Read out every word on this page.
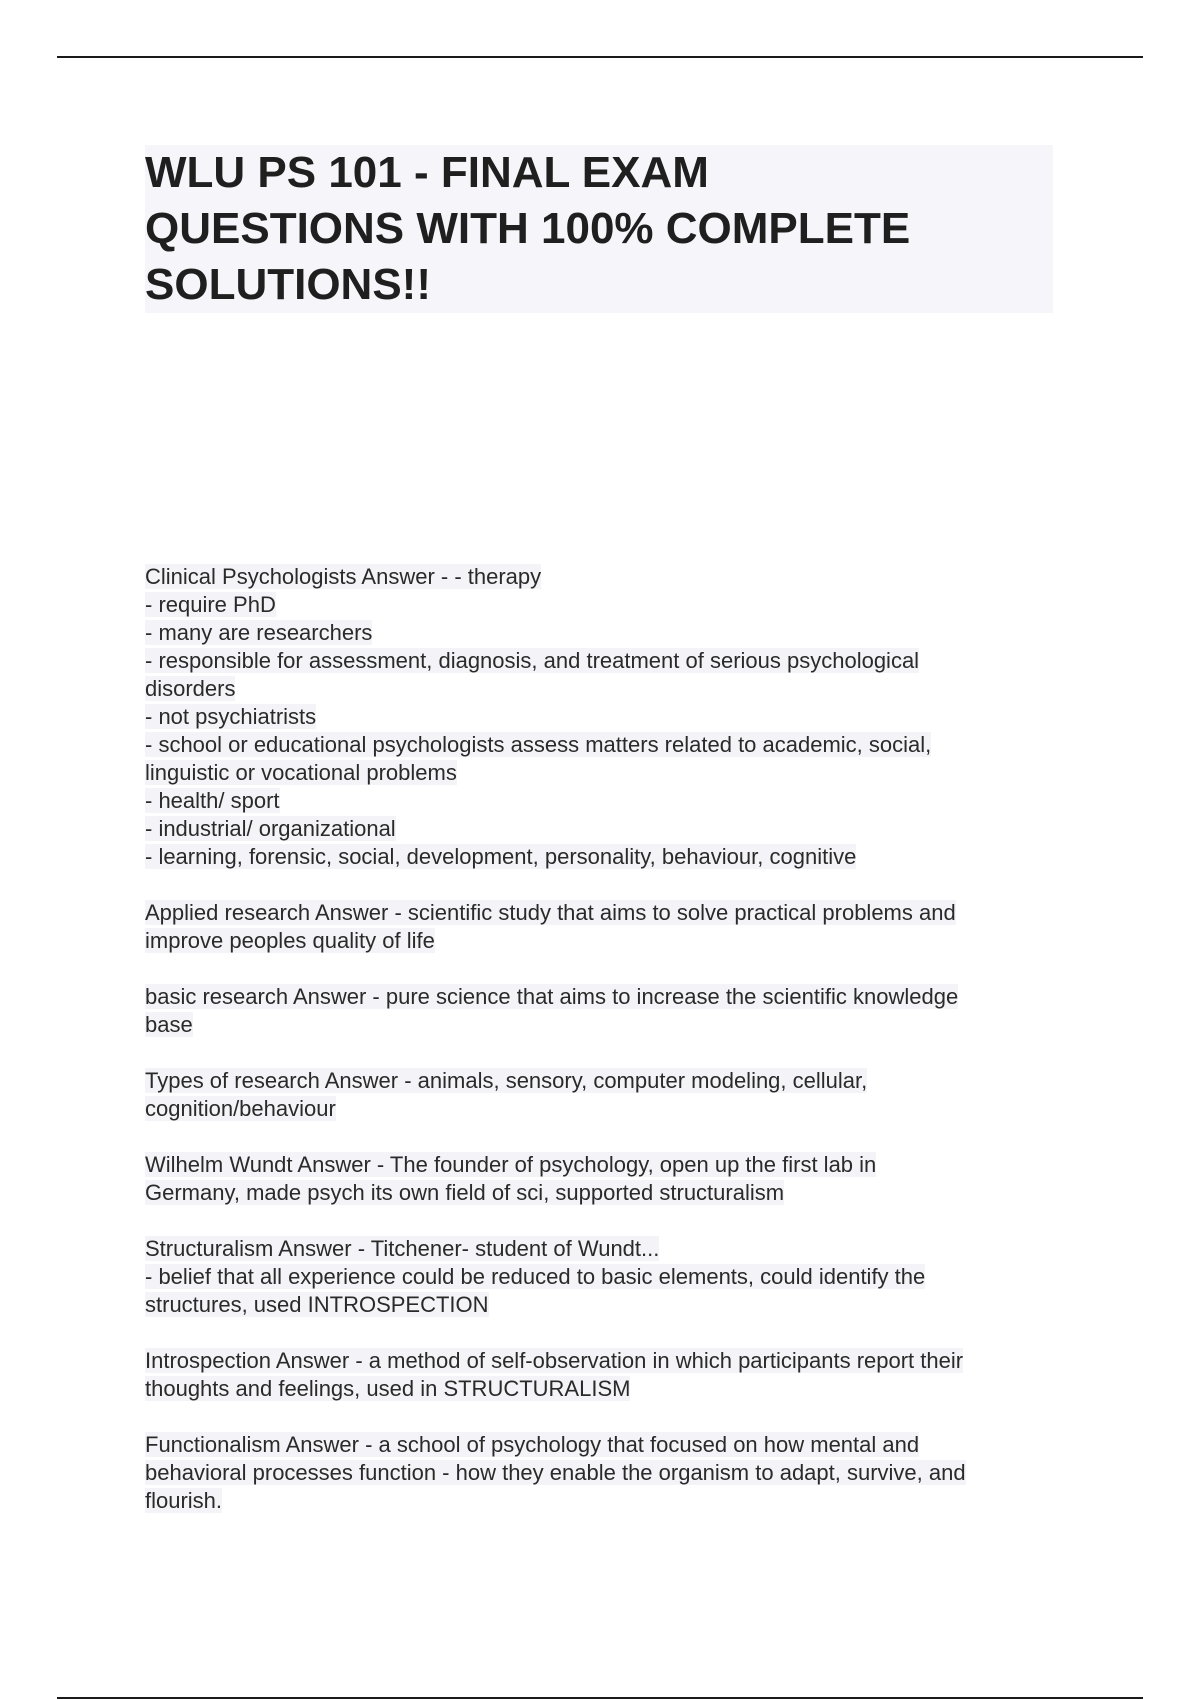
WLU PS 101 - FINAL EXAM
QUESTIONS WITH 100% COMPLETE
SOLUTIONS!!
Clinical Psychologists Answer - - therapy
- require PhD
- many are researchers
- responsible for assessment, diagnosis, and treatment of serious psychological
disorders
- not psychiatrists
- school or educational psychologists assess matters related to academic, social,
linguistic or vocational problems
- health/ sport
- industrial/ organizational
- learning, forensic, social, development, personality, behaviour, cognitive
Applied research Answer - scientific study that aims to solve practical problems and
improve peoples quality of life
basic research Answer - pure science that aims to increase the scientific knowledge
base
Types of research Answer - animals, sensory, computer modeling, cellular,
cognition/behaviour
Wilhelm Wundt Answer - The founder of psychology, open up the first lab in
Germany, made psych its own field of sci, supported structuralism
Structuralism Answer - Titchener- student of Wundt...
- belief that all experience could be reduced to basic elements, could identify the
structures, used INTROSPECTION
Introspection Answer - a method of self-observation in which participants report their
thoughts and feelings, used in STRUCTURALISM
Functionalism Answer - a school of psychology that focused on how mental and
behavioral processes function - how they enable the organism to adapt, survive, and
flourish.
